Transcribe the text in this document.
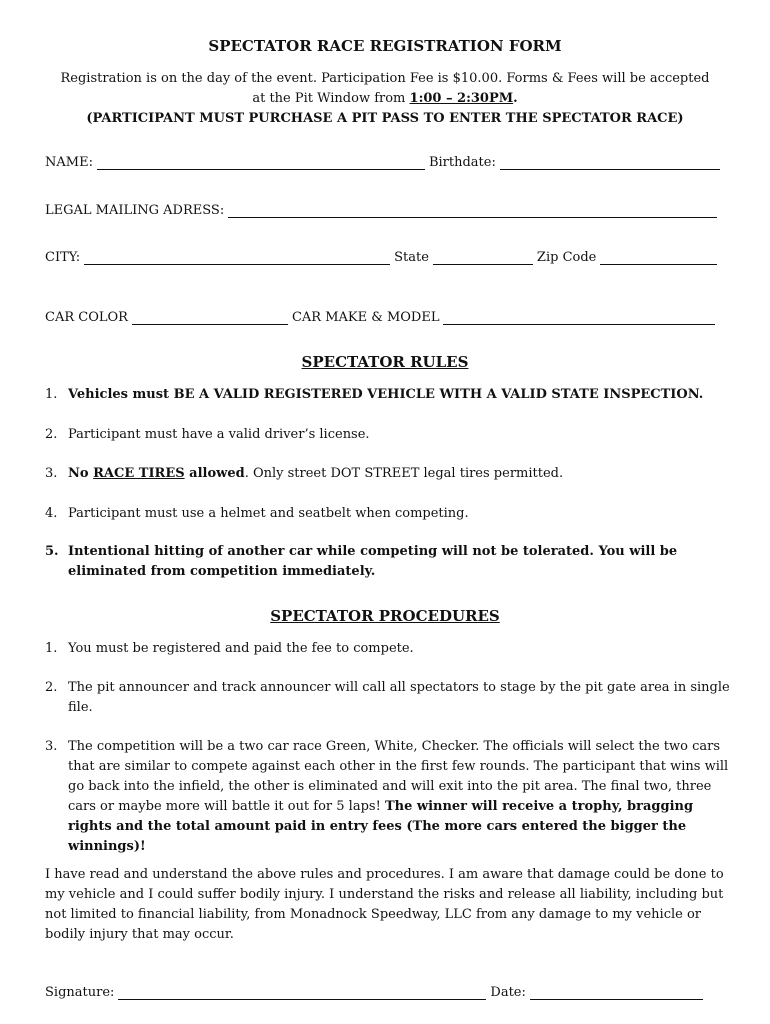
SPECTATOR RACE REGISTRATION FORM
Registration is on the day of the event. Participation Fee is $10.00. Forms & Fees will be accepted
at the Pit Window from 1:00 – 2:30PM.
(PARTICIPANT MUST PURCHASE A PIT PASS TO ENTER THE SPECTATOR RACE)
NAME:	Birthdate:
LEGAL MAILING ADRESS:
CITY:	State	Zip Code
CAR COLOR	CAR MAKE & MODEL
SPECTATOR RULES
1. Vehicles must BE A VALID REGISTERED VEHICLE WITH A VALID STATE INSPECTION.
2. Participant must have a valid driver’s license.
3. No RACE TIRES allowed. Only street DOT STREET legal tires permitted.
4. Participant must use a helmet and seatbelt when competing.
5. Intentional hitting of another car while competing will not be tolerated. You will be eliminated from competition immediately.
SPECTATOR PROCEDURES
1. You must be registered and paid the fee to compete.
2. The pit announcer and track announcer will call all spectators to stage by the pit gate area in single file.
3. The competition will be a two car race Green, White, Checker. The officials will select the two cars that are similar to compete against each other in the first few rounds. The participant that wins will go back into the infield, the other is eliminated and will exit into the pit area. The final two, three cars or maybe more will battle it out for 5 laps! The winner will receive a trophy, bragging rights and the total amount paid in entry fees (The more cars entered the bigger the winnings)!
I have read and understand the above rules and procedures. I am aware that damage could be done to my vehicle and I could suffer bodily injury. I understand the risks and release all liability, including but not limited to financial liability, from Monadnock Speedway, LLC from any damage to my vehicle or bodily injury that may occur.
Signature:	Date:
